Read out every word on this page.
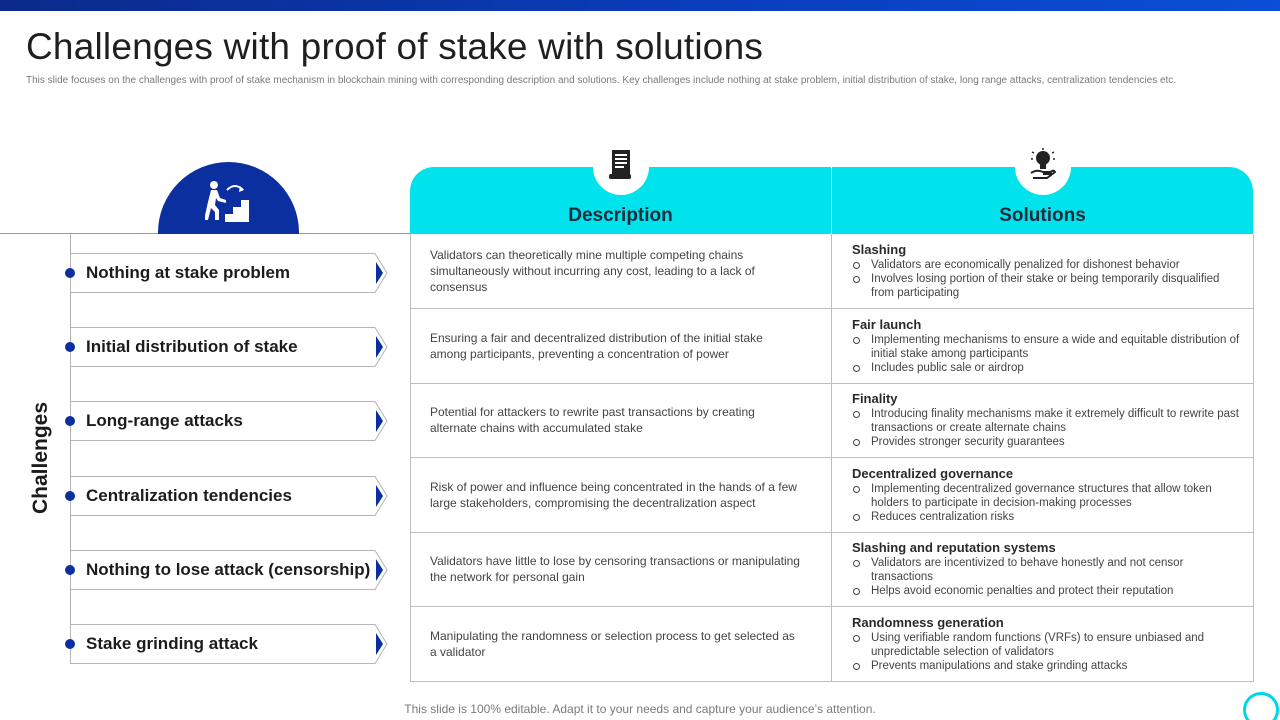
Challenges with proof of stake with solutions

This slide focuses on the challenges with proof of stake mechanism in blockchain mining with corresponding description and solutions. Key challenges include nothing at stake problem, initial distribution of stake, long range attacks, centralization tendencies etc.

Challenges
Nothing at stake problem
Initial distribution of stake
Long-range attacks
Centralization tendencies
Nothing to lose attack (censorship)
Stake grinding attack
Description	Solutions
Validators can theoretically mine multiple competing chains simultaneously without incurring any cost, leading to a lack of consensus
Slashing
Validators are economically penalized for dishonest behavior
Involves losing portion of their stake or being temporarily disqualified from participating
Ensuring a fair and decentralized distribution of the initial stake among participants, preventing a concentration of power
Fair launch
Implementing mechanisms to ensure a wide and equitable distribution of initial stake among participants
Includes public sale or airdrop
Potential for attackers to rewrite past transactions by creating alternate chains with accumulated stake
Finality
Introducing finality mechanisms make it extremely difficult to rewrite past transactions or create alternate chains
Provides stronger security guarantees
Risk of power and influence being concentrated in the hands of a few large stakeholders, compromising the decentralization aspect
Decentralized governance
Implementing decentralized governance structures that allow token holders to participate in decision-making processes
Reduces centralization risks
Validators have little to lose by censoring transactions or manipulating the network for personal gain
Slashing and reputation systems
Validators are incentivized to behave honestly and not censor transactions
Helps avoid economic penalties and protect their reputation
Manipulating the randomness or selection process to get selected as a validator
Randomness generation
Using verifiable random functions (VRFs) to ensure unbiased and unpredictable selection of validators
Prevents manipulations and stake grinding attacks
This slide is 100% editable. Adapt it to your needs and capture your audience’s attention.
